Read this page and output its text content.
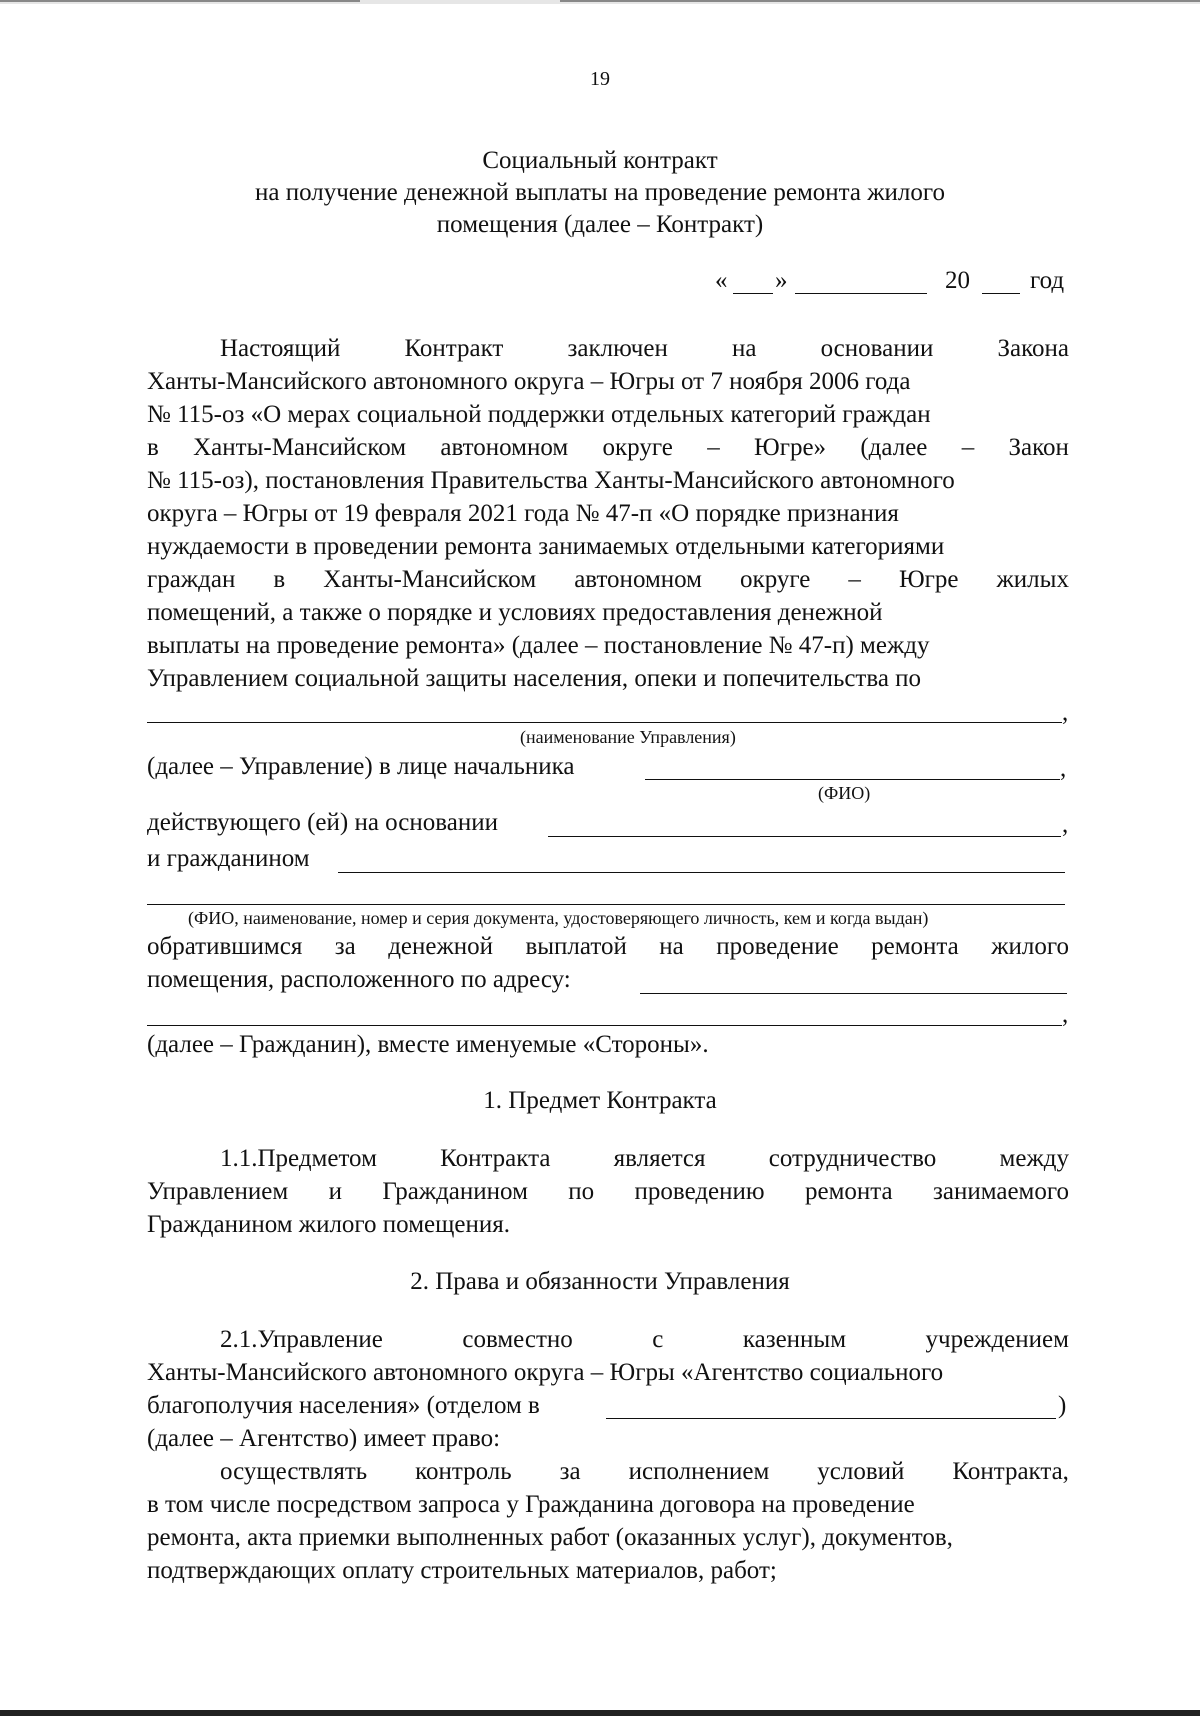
19
Социальный контракт
на получение денежной выплаты на проведение ремонта жилого
помещения (далее – Контракт)
« »	20 год
Настоящий	Контракт	заключен	на	основании	Закона
Ханты-Мансийского автономного округа – Югры от 7 ноября 2006 года
№ 115-оз «О мерах социальной поддержки отдельных категорий граждан
в Ханты-Мансийском автономном округе – Югре» (далее – Закон
№ 115-оз), постановления Правительства Ханты-Мансийского автономного
округа – Югры от 19 февраля 2021 года № 47-п «О порядке признания
нуждаемости в проведении ремонта занимаемых отдельными категориями
граждан в Ханты-Мансийском автономном округе – Югре жилых
помещений, а также о порядке и условиях предоставления денежной
выплаты на проведение ремонта» (далее – постановление № 47-п) между
Управлением социальной защиты населения, опеки и попечительства по
,
(наименование Управления)
(далее – Управление) в лице начальника	,
(ФИО)
действующего (ей) на основании	,
и гражданином
(ФИО, наименование, номер и серия документа, удостоверяющего личность, кем и когда выдан)
обратившимся за денежной выплатой на проведение ремонта жилого
помещения, расположенного по адресу:
,
(далее – Гражданин), вместе именуемые «Стороны».
1. Предмет Контракта
1.1.Предметом	Контракта	является	сотрудничество	между
Управлением и Гражданином по проведению ремонта занимаемого
Гражданином жилого помещения.
2. Права и обязанности Управления
2.1.Управление	совместно	с	казенным	учреждением
Ханты-Мансийского автономного округа – Югры «Агентство социального
благополучия населения» (отделом в	)
(далее – Агентство) имеет право:
осуществлять контроль за исполнением условий Контракта,
в том числе посредством запроса у Гражданина договора на проведение
ремонта, акта приемки выполненных работ (оказанных услуг), документов,
подтверждающих оплату строительных материалов, работ;
